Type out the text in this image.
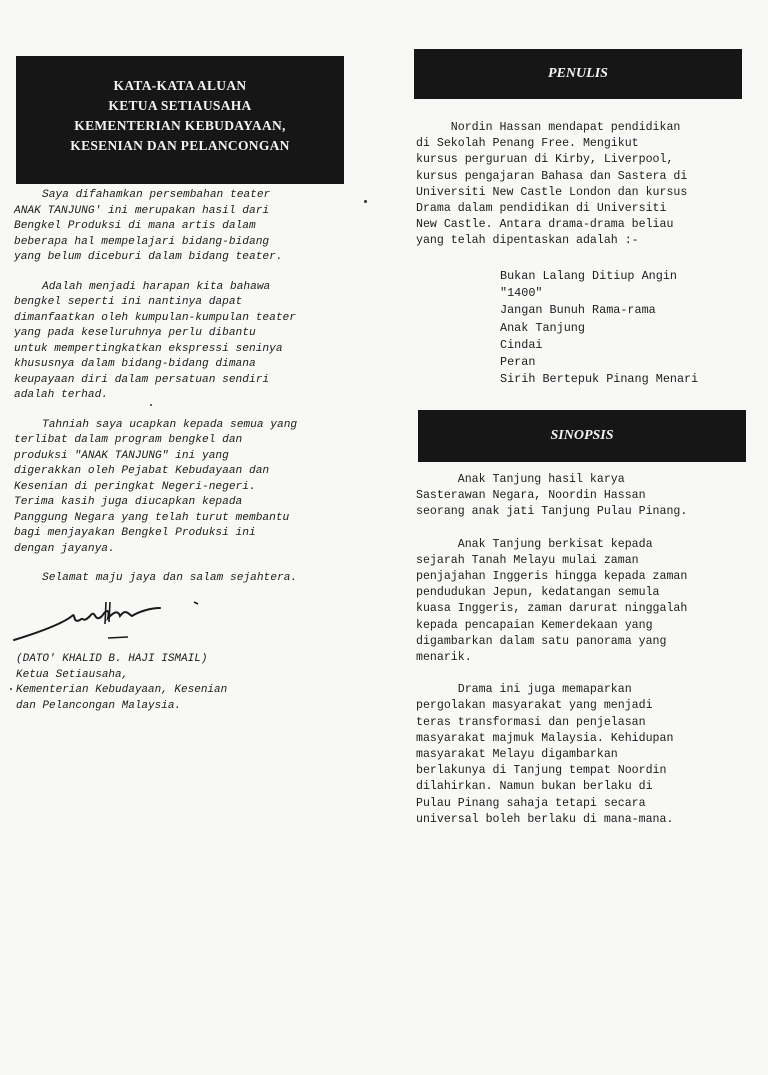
KATA-KATA ALUAN
KETUA SETIAUSAHA
KEMENTERIAN KEBUDAYAAN,
KESENIAN DAN PELANCONGAN

Saya difahamkan persembahan teater
ANAK TANJUNG' ini merupakan hasil dari
Bengkel Produksi di mana artis dalam
beberapa hal mempelajari bidang-bidang
yang belum diceburi dalam bidang teater.

Adalah menjadi harapan kita bahawa
bengkel seperti ini nantinya dapat
dimanfaatkan oleh kumpulan-kumpulan teater
yang pada keseluruhnya perlu dibantu
untuk mempertingkatkan ekspressi seninya
khususnya dalam bidang-bidang dimana
keupayaan diri dalam persatuan sendiri
adalah terhad.

Tahniah saya ucapkan kepada semua yang
terlibat dalam program bengkel dan
produksi "ANAK TANJUNG" ini yang
digerakkan oleh Pejabat Kebudayaan dan
Kesenian di peringkat Negeri-negeri.
Terima kasih juga diucapkan kepada
Panggung Negara yang telah turut membantu
bagi menjayakan Bengkel Produksi ini
dengan jayanya.

Selamat maju jaya dan salam sejahtera.

(DATO' KHALID B. HAJI ISMAIL)
Ketua Setiausaha,
Kementerian Kebudayaan, Kesenian
dan Pelancongan Malaysia.
PENULIS
Nordin Hassan mendapat pendidikan
di Sekolah Penang Free. Mengikut
kursus perguruan di Kirby, Liverpool,
kursus pengajaran Bahasa dan Sastera di
Universiti New Castle London dan kursus
Drama dalam pendidikan di Universiti
New Castle. Antara drama-drama beliau
yang telah dipentaskan adalah :-
Bukan Lalang Ditiup Angin
"1400"
Jangan Bunuh Rama-rama
Anak Tanjung
Cindai
Peran
Sirih Bertepuk Pinang Menari
SINOPSIS

Anak Tanjung hasil karya
Sasterawan Negara, Noordin Hassan
seorang anak jati Tanjung Pulau Pinang.

Anak Tanjung berkisat kepada
sejarah Tanah Melayu mulai zaman
penjajahan Inggeris hingga kepada zaman
pendudukan Jepun, kedatangan semula
kuasa Inggeris, zaman darurat ninggalah
kepada pencapaian Kemerdekaan yang
digambarkan dalam satu panorama yang
menarik.

Drama ini juga memaparkan
pergolakan masyarakat yang menjadi
teras transformasi dan penjelasan
masyarakat majmuk Malaysia. Kehidupan
masyarakat Melayu digambarkan
berlakunya di Tanjung tempat Noordin
dilahirkan. Namun bukan berlaku di
Pulau Pinang sahaja tetapi secara
universal boleh berlaku di mana-mana.
